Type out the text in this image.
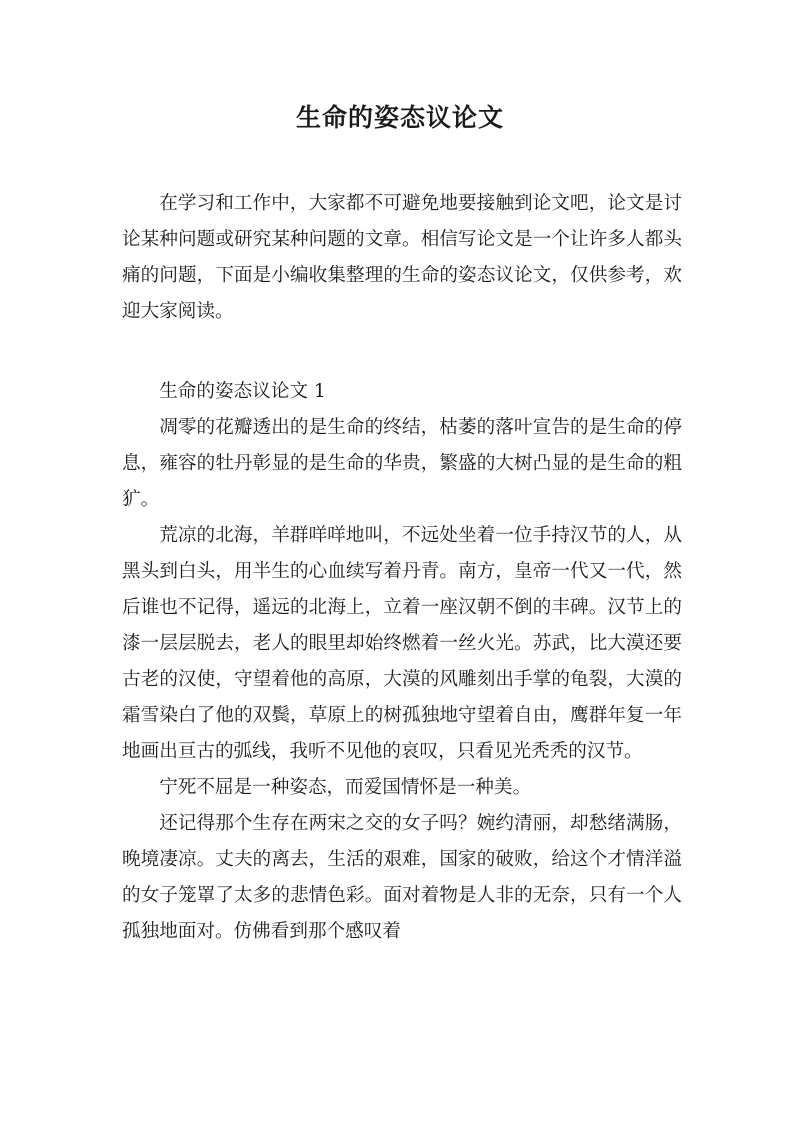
生命的姿态议论文

在学习和工作中，大家都不可避免地要接触到论文吧，论文是讨论某种问题或研究某种问题的文章。相信写论文是一个让许多人都头痛的问题，下面是小编收集整理的生命的姿态议论文，仅供参考，欢迎大家阅读。

生命的姿态议论文 1

凋零的花瓣透出的是生命的终结，枯萎的落叶宣告的是生命的停息，雍容的牡丹彰显的是生命的华贵，繁盛的大树凸显的是生命的粗犷。

荒凉的北海，羊群咩咩地叫，不远处坐着一位手持汉节的人，从黑头到白头，用半生的心血续写着丹青。南方，皇帝一代又一代，然后谁也不记得，遥远的北海上，立着一座汉朝不倒的丰碑。汉节上的漆一层层脱去，老人的眼里却始终燃着一丝火光。苏武，比大漠还要古老的汉使，守望着他的高原，大漠的风雕刻出手掌的龟裂，大漠的霜雪染白了他的双鬓，草原上的树孤独地守望着自由，鹰群年复一年地画出亘古的弧线，我听不见他的哀叹，只看见光秃秃的汉节。

宁死不屈是一种姿态，而爱国情怀是一种美。

还记得那个生存在两宋之交的女子吗？婉约清丽，却愁绪满肠，晚境凄凉。丈夫的离去，生活的艰难，国家的破败，给这个才情洋溢的女子笼罩了太多的悲情色彩。面对着物是人非的无奈，只有一个人孤独地面对。仿佛看到那个感叹着
